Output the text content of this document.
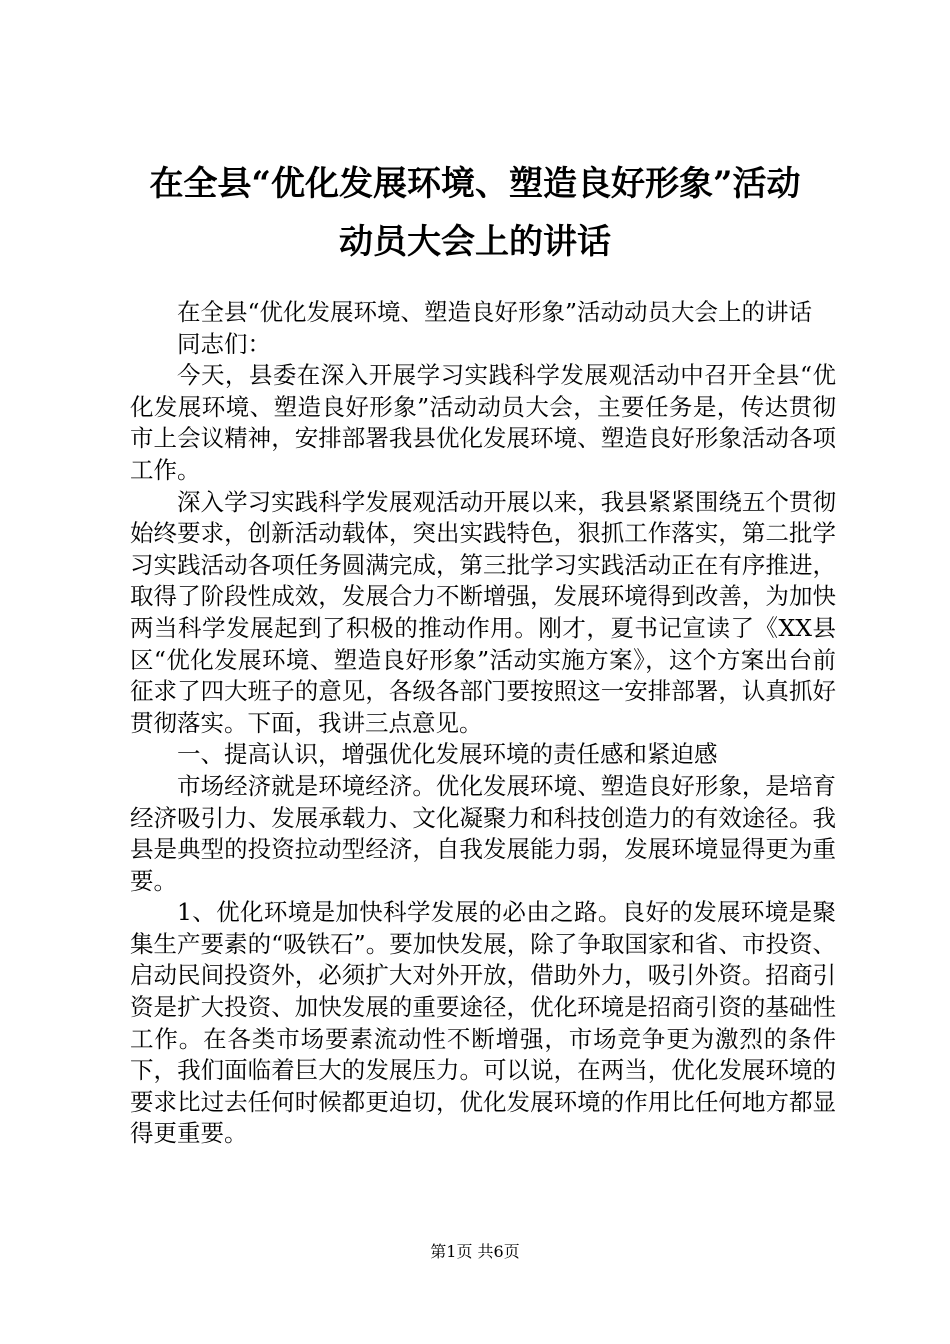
在全县“优化发展环境、塑造良好形象”活动
动员大会上的讲话

在全县“优化发展环境、塑造良好形象”活动动员大会上的讲话

同志们：

今天，县委在深入开展学习实践科学发展观活动中召开全县“优化发展环境、塑造良好形象”活动动员大会，主要任务是，传达贯彻市上会议精神，安排部署我县优化发展环境、塑造良好形象活动各项工作。

深入学习实践科学发展观活动开展以来，我县紧紧围绕五个贯彻始终要求，创新活动载体，突出实践特色，狠抓工作落实，第二批学习实践活动各项任务圆满完成，第三批学习实践活动正在有序推进，取得了阶段性成效，发展合力不断增强，发展环境得到改善，为加快两当科学发展起到了积极的推动作用。刚才，夏书记宣读了《XX县区“优化发展环境、塑造良好形象”活动实施方案》，这个方案出台前征求了四大班子的意见，各级各部门要按照这一安排部署，认真抓好贯彻落实。下面，我讲三点意见。

一、提高认识，增强优化发展环境的责任感和紧迫感

市场经济就是环境经济。优化发展环境、塑造良好形象，是培育经济吸引力、发展承载力、文化凝聚力和科技创造力的有效途径。我县是典型的投资拉动型经济，自我发展能力弱，发展环境显得更为重要。

1、优化环境是加快科学发展的必由之路。良好的发展环境是聚集生产要素的“吸铁石”。要加快发展，除了争取国家和省、市投资、启动民间投资外，必须扩大对外开放，借助外力，吸引外资。招商引资是扩大投资、加快发展的重要途径，优化环境是招商引资的基础性工作。在各类市场要素流动性不断增强，市场竞争更为激烈的条件下，我们面临着巨大的发展压力。可以说，在两当，优化发展环境的要求比过去任何时候都更迫切，优化发展环境的作用比任何地方都显得更重要。

第1页 共6页
